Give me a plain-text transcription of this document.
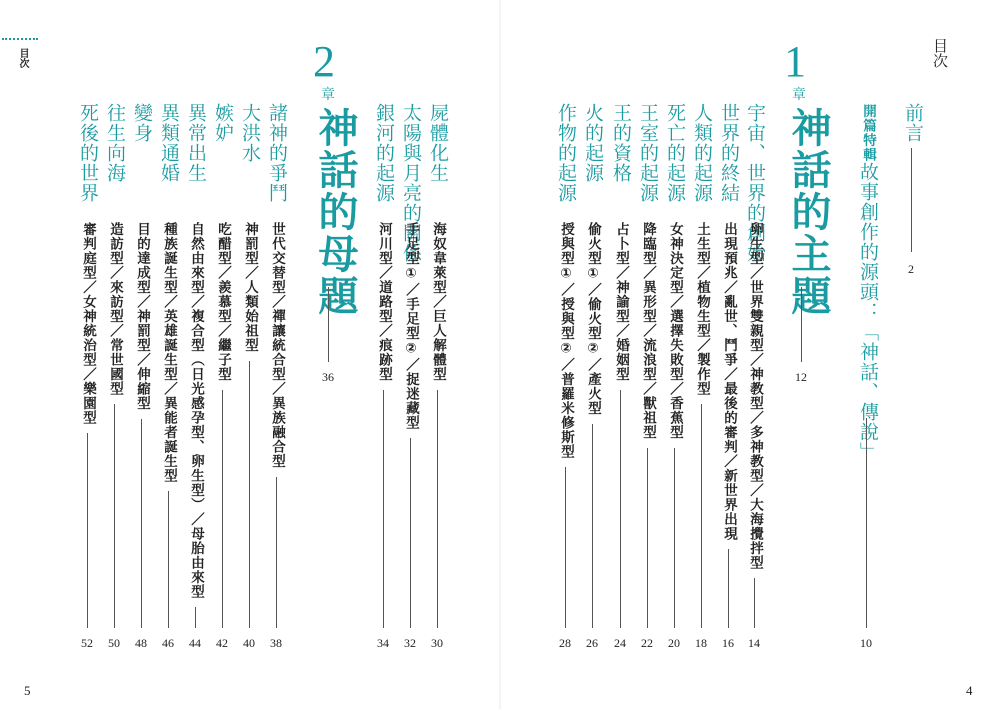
目次	目次
前言
2
開篇特輯
故事創作的源頭：「神話、傳說」
10
1
章
神話的主題
12
宇宙、世界的創始
卵生型／世界雙親型／神教型／多神教型／大海攪拌型
14
世界的終結
出現預兆／亂世、鬥爭／最後的審判／新世界出現
16
人類的起源
土生型／植物生型／製作型
18
死亡的起源
女神決定型／選擇失敗型／香蕉型
20
王室的起源
降臨型／異形型／流浪型／獸祖型
22
王的資格
占卜型／神諭型／婚姻型
24
火的起源
偷火型①／偷火型②／產火型
26
作物的起源
授與型①／授與型②／普羅米修斯型
28
4
屍體化生
海奴韋萊型／巨人解體型
30
太陽與月亮的關係
手足型①／手足型②／捉迷藏型
32
銀河的起源
河川型／道路型／痕跡型
34
2
章
神話的母題
36
諸神的爭鬥
世代交替型／禪讓統合型／異族融合型
38
大洪水
神罰型／人類始祖型
40
嫉妒
吃醋型／羨慕型／繼子型
42
異常出生
自然由來型／複合型（日光感孕型、卵生型）／母胎由來型
44
異類通婚
種族誕生型／英雄誕生型／異能者誕生型
46
變身
目的達成型／神罰型／伸縮型
48
往生向海
造訪型／來訪型／常世國型
50
死後的世界
審判庭型／女神統治型／樂園型
52
5
